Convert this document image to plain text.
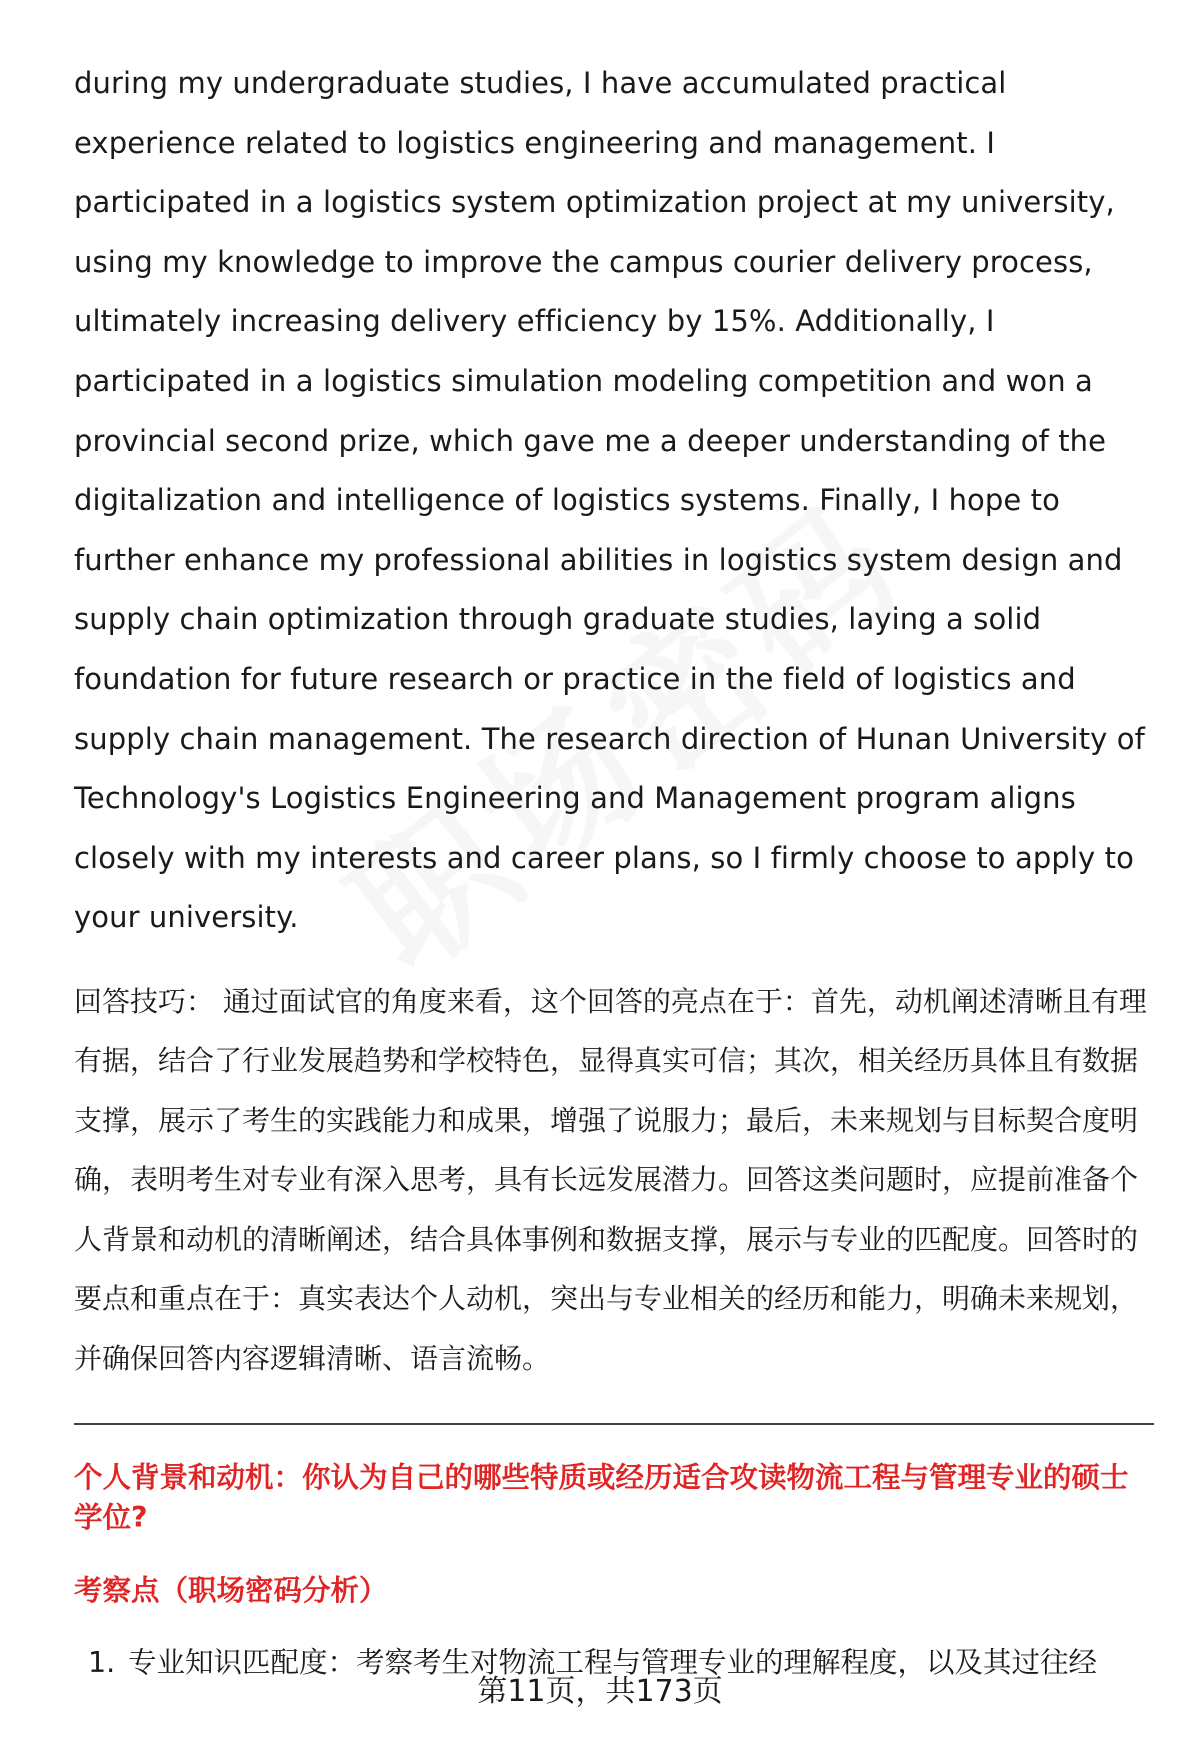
during my undergraduate studies, I have accumulated practical experience related to logistics engineering and management. I participated in a logistics system optimization project at my university, using my knowledge to improve the campus courier delivery process, ultimately increasing delivery efficiency by 15%. Additionally, I participated in a logistics simulation modeling competition and won a provincial second prize, which gave me a deeper understanding of the digitalization and intelligence of logistics systems. Finally, I hope to further enhance my professional abilities in logistics system design and supply chain optimization through graduate studies, laying a solid foundation for future research or practice in the field of logistics and supply chain management. The research direction of Hunan University of Technology's Logistics Engineering and Management program aligns closely with my interests and career plans, so I firmly choose to apply to your university.

回答技巧： 通过面试官的角度来看，这个回答的亮点在于：首先，动机阐述清晰且有理有据，结合了行业发展趋势和学校特色，显得真实可信；其次，相关经历具体且有数据支撑，展示了考生的实践能力和成果，增强了说服力；最后，未来规划与目标契合度明确，表明考生对专业有深入思考，具有长远发展潜力。回答这类问题时，应提前准备个人背景和动机的清晰阐述，结合具体事例和数据支撑，展示与专业的匹配度。回答时的要点和重点在于：真实表达个人动机，突出与专业相关的经历和能力，明确未来规划，并确保回答内容逻辑清晰、语言流畅。

个人背景和动机：你认为自己的哪些特质或经历适合攻读物流工程与管理专业的硕士学位?
考察点（职场密码分析）
1. 专业知识匹配度：考察考生对物流工程与管理专业的理解程度，以及其过往经
第11页，共173页
